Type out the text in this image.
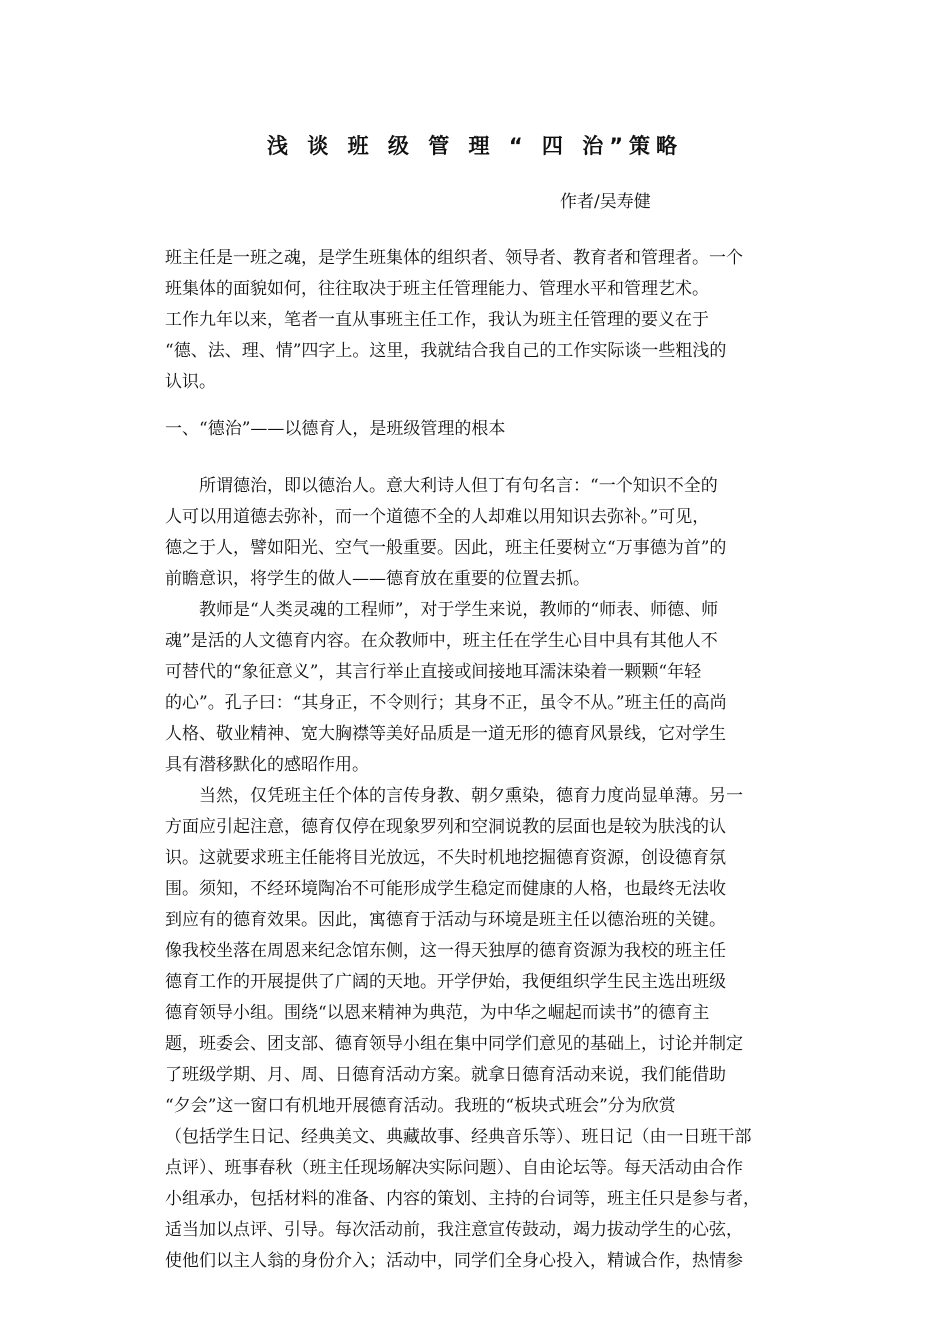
浅 谈 班 级 管 理 “ 四 治”策略
作者/吴寿健
班主任是一班之魂，是学生班集体的组织者、领导者、教育者和管理者。一个
班集体的面貌如何，往往取决于班主任管理能力、管理水平和管理艺术。
工作九年以来，笔者一直从事班主任工作，我认为班主任管理的要义在于
“德、法、理、情”四字上。这里，我就结合我自己的工作实际谈一些粗浅的
认识。
一、“德治”——以德育人，是班级管理的根本
　　所谓德治，即以德治人。意大利诗人但丁有句名言：“一个知识不全的
人可以用道德去弥补，而一个道德不全的人却难以用知识去弥补。”可见，
德之于人，譬如阳光、空气一般重要。因此，班主任要树立“万事德为首”的
前瞻意识，将学生的做人——德育放在重要的位置去抓。
　　教师是“人类灵魂的工程师”，对于学生来说，教师的“师表、师德、师
魂”是活的人文德育内容。在众教师中，班主任在学生心目中具有其他人不
可替代的“象征意义”，其言行举止直接或间接地耳濡沫染着一颗颗“年轻
的心”。孔子曰：“其身正，不令则行；其身不正，虽令不从。”班主任的高尚
人格、敬业精神、宽大胸襟等美好品质是一道无形的德育风景线，它对学生
具有潜移默化的感昭作用。
　　当然，仅凭班主任个体的言传身教、朝夕熏染，德育力度尚显单薄。另一
方面应引起注意，德育仅停在现象罗列和空洞说教的层面也是较为肤浅的认
识。这就要求班主任能将目光放远，不失时机地挖掘德育资源，创设德育氛
围。须知，不经环境陶冶不可能形成学生稳定而健康的人格，也最终无法收
到应有的德育效果。因此，寓德育于活动与环境是班主任以德治班的关键。
像我校坐落在周恩来纪念馆东侧，这一得天独厚的德育资源为我校的班主任
德育工作的开展提供了广阔的天地。开学伊始，我便组织学生民主选出班级
德育领导小组。围绕“以恩来精神为典范，为中华之崛起而读书”的德育主
题，班委会、团支部、德育领导小组在集中同学们意见的基础上，讨论并制定
了班级学期、月、周、日德育活动方案。就拿日德育活动来说，我们能借助
“夕会”这一窗口有机地开展德育活动。我班的“板块式班会”分为欣赏
（包括学生日记、经典美文、典藏故事、经典音乐等）、班日记（由一日班干部
点评）、班事春秋（班主任现场解决实际问题）、自由论坛等。每天活动由合作
小组承办，包括材料的准备、内容的策划、主持的台词等，班主任只是参与者，
适当加以点评、引导。每次活动前，我注意宣传鼓动，竭力拔动学生的心弦，
使他们以主人翁的身份介入；活动中，同学们全身心投入，精诚合作，热情参
